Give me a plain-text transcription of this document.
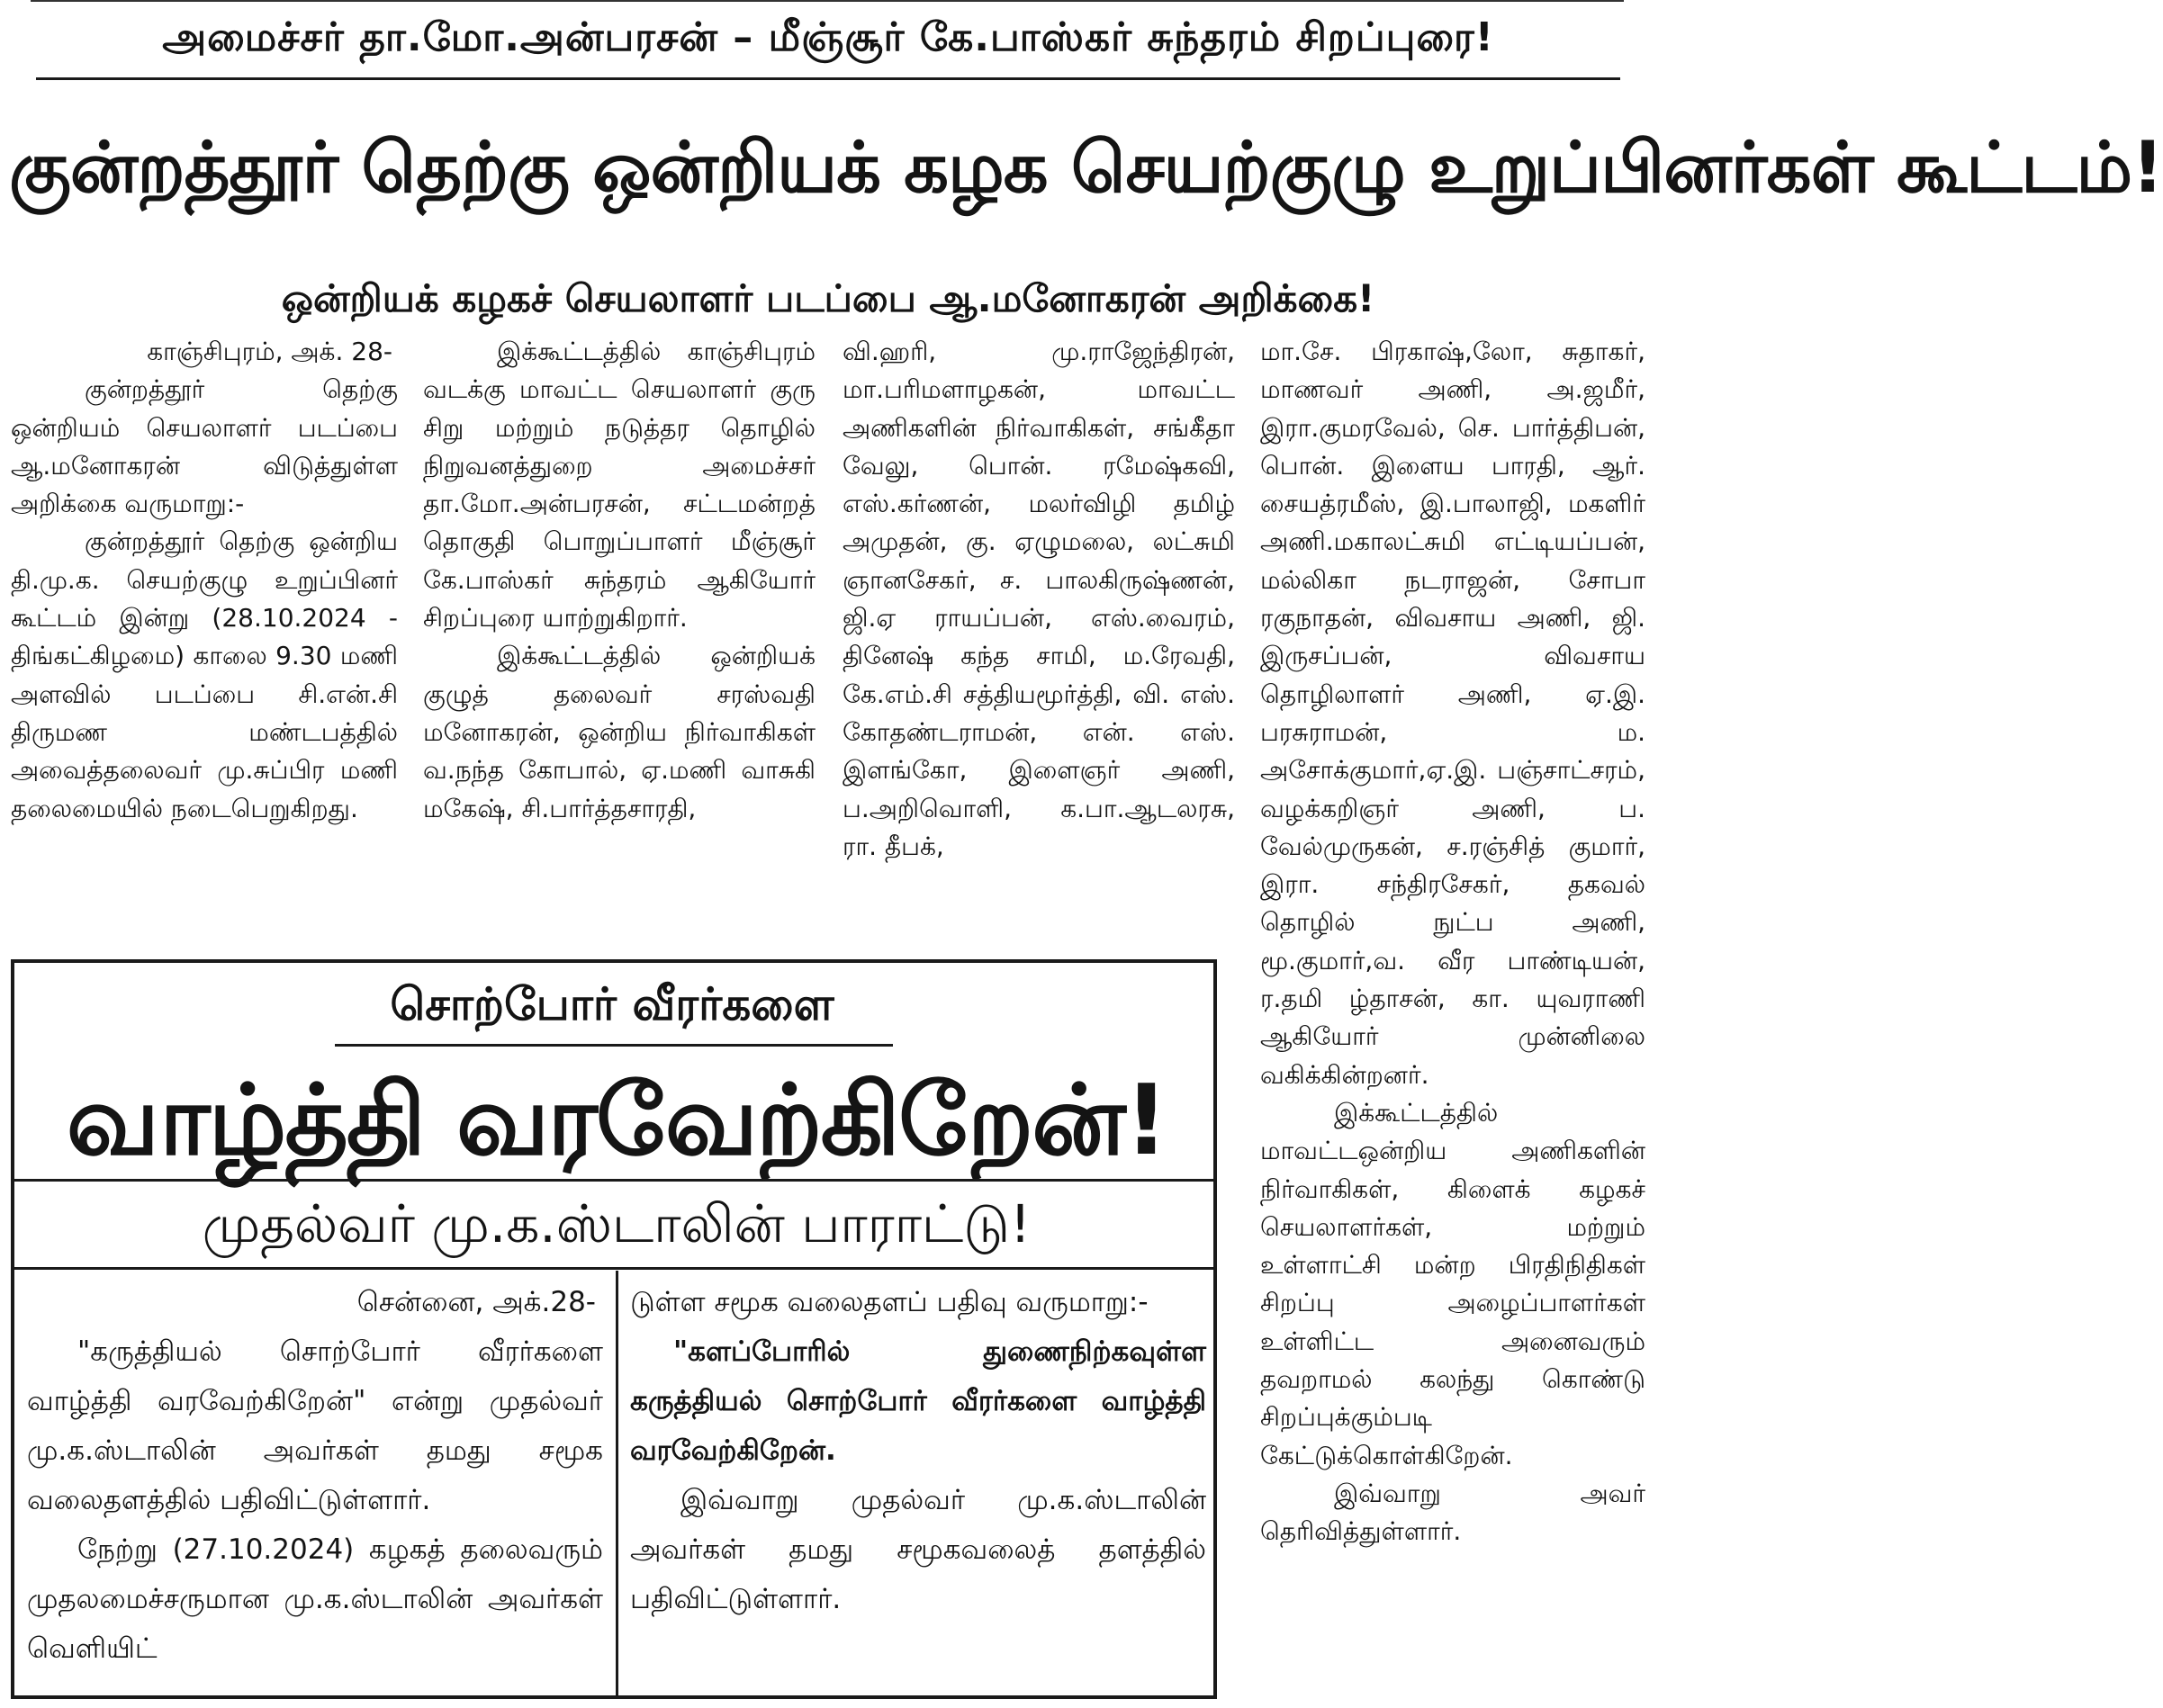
அமைச்சர் தா.மோ.அன்பரசன் – மீஞ்சூர் கே.பாஸ்கர் சுந்தரம் சிறப்புரை!
குன்றத்தூர் தெற்கு ஒன்றியக் கழக செயற்குழு உறுப்பினர்கள் கூட்டம்!
ஒன்றியக் கழகச் செயலாளர் படப்பை ஆ.மனோகரன் அறிக்கை!

காஞ்சிபுரம், அக். 28-

குன்றத்தூர் தெற்கு ஒன்றியம் செயலாளர் படப்பை ஆ.மனோகரன் விடுத்துள்ள அறிக்கை வருமாறு:-

குன்றத்தூர் தெற்கு ஒன்றிய தி.மு.க. செயற்குழு உறுப்பினர் கூட்டம் இன்று (28.10.2024 - திங்கட்கிழமை) காலை 9.30 மணி அளவில் படப்பை சி.என்.சி திருமண மண்டபத்தில் அவைத்தலைவர் மு.சுப்பிர மணி தலைமையில் நடைபெறுகிறது.

இக்கூட்டத்தில் காஞ்சிபுரம் வடக்கு மாவட்ட செயலாளர் குரு சிறு மற்றும் நடுத்தர தொழில் நிறுவனத்துறை அமைச்சர் தா.மோ.அன்பரசன், சட்டமன்றத் தொகுதி பொறுப்பாளர் மீஞ்சூர் கே.பாஸ்கர் சுந்தரம் ஆகியோர் சிறப்புரை யாற்றுகிறார்.

இக்கூட்டத்தில் ஒன்றியக் குழுத் தலைவர் சரஸ்வதி மனோகரன், ஒன்றிய நிர்வாகிகள் வ.நந்த கோபால், ஏ.மணி வாசுகி மகேஷ், சி.பார்த்தசாரதி,

வி.ஹரி, மு.ராஜேந்திரன், மா.பரிமளாழகன், மாவட்ட அணிகளின் நிர்வாகிகள், சங்கீதா வேலு, பொன். ரமேஷ்கவி, எஸ்.கர்ணன், மலர்விழி தமிழ் அமுதன், கு. ஏழுமலை, லட்சுமி ஞானசேகர், ச. பாலகிருஷ்ணன், ஜி.ஏ ராயப்பன், எஸ்.வைரம், தினேஷ் கந்த சாமி, ம.ரேவதி, கே.எம்.சி சத்தியமூர்த்தி, வி. எஸ். கோதண்டராமன், என். எஸ். இளங்கோ, இளைஞர் அணி, ப.அறிவொளி, க.பா.ஆடலரசு, ரா. தீபக்,

மா.சே. பிரகாஷ்,லோ, சுதாகர், மாணவர் அணி, அ.ஜமீர், இரா.குமரவேல், செ. பார்த்திபன், பொன். இளைய பாரதி, ஆர். சையத்ரமீஸ், இ.பாலாஜி, மகளிர் அணி.மகாலட்சுமி எட்டியப்பன், மல்லிகா நடராஜன், சோபா ரகுநாதன், விவசாய அணி, ஜி. இருசப்பன், விவசாய தொழிலாளர் அணி, ஏ.இ. பரசுராமன், ம. அசோக்குமார்,ஏ.இ. பஞ்சாட்சரம், வழக்கறிஞர் அணி, ப. வேல்முருகன், ச.ரஞ்சித் குமார், இரா. சந்திரசேகர், தகவல் தொழில் நுட்ப அணி, மூ.குமார்,வ. வீர பாண்டியன், ர.தமி ழ்தாசன், கா. யுவராணி ஆகியோர் முன்னிலை வகிக்கின்றனர்.

இக்கூட்டத்தில் மாவட்டஒன்றிய அணிகளின் நிர்வாகிகள், கிளைக் கழகச் செயலாளர்கள், மற்றும் உள்ளாட்சி மன்ற பிரதிநிதிகள் சிறப்பு அழைப்பாளர்கள் உள்ளிட்ட அனைவரும் தவறாமல் கலந்து கொண்டு சிறப்புக்கும்படி கேட்டுக்கொள்கிறேன்.

இவ்வாறு அவர் தெரிவித்துள்ளார்.

சொற்போர் வீரர்களை
வாழ்த்தி வரவேற்கிறேன்!
முதல்வர் மு.க.ஸ்டாலின் பாராட்டு!

சென்னை, அக்.28-

"கருத்தியல் சொற்போர் வீரர்களை வாழ்த்தி வரவேற்கிறேன்" என்று முதல்வர் மு.க.ஸ்டாலின் அவர்கள் தமது சமூக வலைதளத்தில் பதிவிட்டுள்ளார்.

நேற்று (27.10.2024) கழகத் தலைவரும் முதலமைச்சருமான மு.க.ஸ்டாலின் அவர்கள் வெளியிட்

டுள்ள சமூக வலைதளப் பதிவு வருமாறு:-

"களப்போரில் துணைநிற்கவுள்ள கருத்தியல் சொற்போர் வீரர்களை வாழ்த்தி வரவேற்கிறேன்.

இவ்வாறு முதல்வர் மு.க.ஸ்டாலின் அவர்கள் தமது சமூகவலைத் தளத்தில் பதிவிட்டுள்ளார்.
